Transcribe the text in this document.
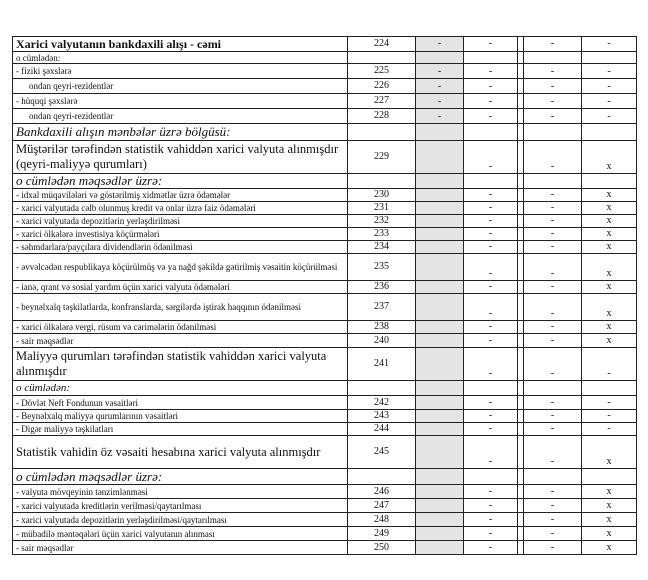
Xarici valyutanın bankdaxili alışı - cəmi	224	-	-		-	-

o cümlədən:		

- fiziki şəxslərə	225	-	-		-	-

ondan qeyri-rezidentlər	226	-	-		-	-

- hüquqi şəxslərə	227	-	-		-	-

ondan qeyri-rezidentlər	228	-	-		-	-

Bankdaxili alışın mənbələr üzrə bölgüsü:		

Müştərilər tərəfindən statistik vahiddən xarici valyuta alınmışdır (qeyri-maliyyə qurumları)	229		-		-	x

o cümlədən məqsədlər üzrə:		

- idxal müqavilələri və göstərilmiş xidmətlər üzrə ödəmələr	230		-		-	x

- xarici valyutada cəlb olunmuş kredit və onlar üzrə faiz ödəmələri	231		-		-	x

- xarici valyutada depozitlərin yerləşdirilməsi	232		-		-	x

- xarici ölkələrə investisiya köçürmələri	233		-		-	x

- səhmdarlara/payçılara dividendlərin ödənilməsi	234		-		-	x

- əvvəlcədən respublikaya köçürülmüş və ya nağd şəkildə gətirilmiş vəsaitin köçürülməsi	235		-		-	x

- ianə, qrant və sosial yardım üçün xarici valyuta ödəmələri	236		-		-	x

- beynəlxalq təşkilatlarda, konfranslarda, sərgilərdə iştirak haqqının ödənilməsi	237		-		-	x

- xarici ölkələrə vergi, rüsum və cərimələrin ödənilməsi	238		-		-	x

- sair məqsədlər	240		-		-	x

Maliyyə qurumları tərəfindən statistik vahiddən xarici valyuta alınmışdır	241		-		-	-

o cümlədən:		

- Dövlət Neft Fondunun vəsaitləri	242		-		-	-

- Beynəlxalq maliyyə qurumlarının vəsaitləri	243		-		-	-

- Digər maliyyə təşkilatları	244		-		-	-

Statistik vahidin öz vəsaiti hesabına xarici valyuta alınmışdır	245		-		-	x

o cümlədən məqsədlər üzrə:		

- valyuta mövqeyinin tənzimlənməsi	246		-		-	x

- xarici valyutada kreditlərin verilməsi/qaytarılması	247		-		-	x

- xarici valyutada depozitlərin yerləşdirilməsi/qaytarılması	248		-		-	x

- mübadilə məntəqələri üçün xarici valyutanın alınması	249		-		-	x

- sair məqsədlər	250		-		-	x
